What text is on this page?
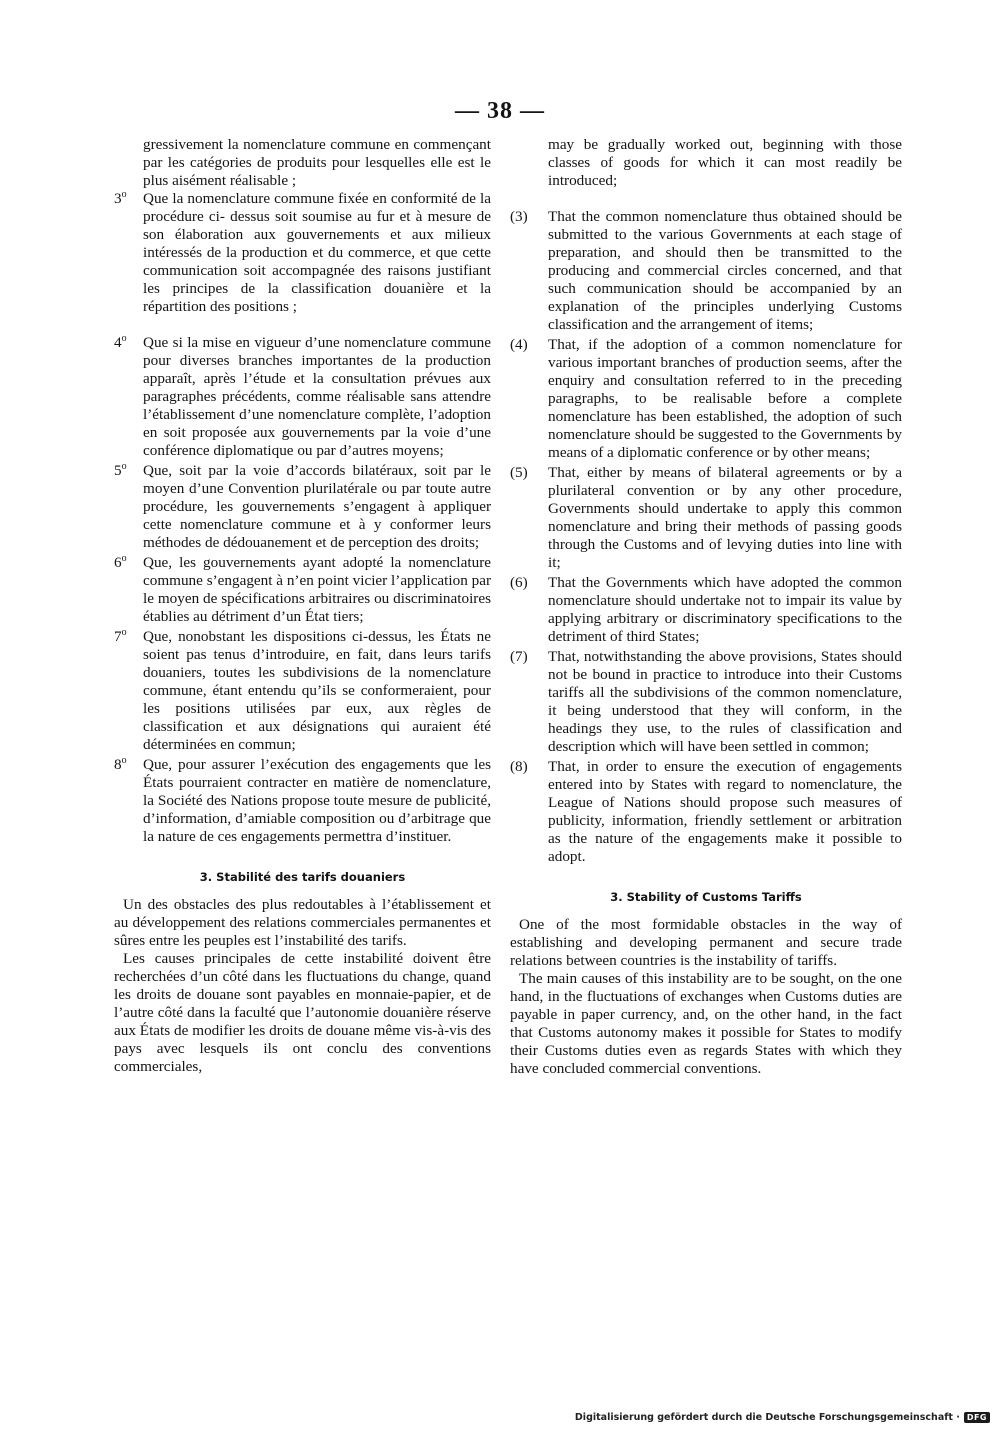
— 38 —

gressivement la nomenclature commune en commençant par les catégories de produits pour lesquelles elle est le plus aisément réalisable ;

3$^o$	Que la nomenclature commune fixée en conformité de la procédure ci- dessus soit soumise au fur et à mesure de son élaboration aux gouvernements et aux milieux intéressés de la production et du commerce, et que cette communication soit accompagnée des raisons justifiant les principes de la classification douanière et la répartition des positions ;
4$^o$	Que si la mise en vigueur d’une nomenclature commune pour diverses branches importantes de la production apparaît, après l’étude et la consultation prévues aux paragraphes précédents, comme réalisable sans attendre l’établissement d’une nomenclature complète, l’adoption en soit proposée aux gouvernements par la voie d’une conférence diplomatique ou par d’autres moyens;
5$^o$	Que, soit par la voie d’accords bilatéraux, soit par le moyen d’une Convention plurilatérale ou par toute autre procédure, les gouvernements s’engagent à appliquer cette nomenclature commune et à y conformer leurs méthodes de dédouanement et de perception des droits;
6$^o$	Que, les gouvernements ayant adopté la nomenclature commune s’engagent à n’en point vicier l’application par le moyen de spécifications arbitraires ou discriminatoires établies au détriment d’un État tiers;
7$^o$	Que, nonobstant les dispositions ci-dessus, les États ne soient pas tenus d’introduire, en fait, dans leurs tarifs douaniers, toutes les subdivisions de la nomenclature commune, étant entendu qu’ils se conformeraient, pour les positions utilisées par eux, aux règles de classification et aux désignations qui auraient été déterminées en commun;
8$^o$	Que, pour assurer l’exécution des engagements que les États pourraient contracter en matière de nomenclature, la Société des Nations propose toute mesure de publicité, d’information, d’amiable composition ou d’arbitrage que la nature de ces engagements permettra d’instituer.

3. Stabilité des tarifs douaniers

Un des obstacles des plus redoutables à l’établissement et au développement des relations commerciales permanentes et sûres entre les peuples est l’instabilité des tarifs.

Les causes principales de cette instabilité doivent être recherchées d’un côté dans les fluctuations du change, quand les droits de douane sont payables en monnaie-papier, et de l’autre côté dans la faculté que l’autonomie douanière réserve aux États de modifier les droits de douane même vis-à-vis des pays avec lesquels ils ont conclu des conventions commerciales,

may be gradually worked out, beginning with those classes of goods for which it can most readily be introduced;

(3)	That the common nomenclature thus obtained should be submitted to the various Governments at each stage of preparation, and should then be transmitted to the producing and commercial circles concerned, and that such communication should be accompanied by an explanation of the principles underlying Customs classification and the arrangement of items;
(4)	That, if the adoption of a common nomenclature for various important branches of production seems, after the enquiry and consultation referred to in the preceding paragraphs, to be realisable before a complete nomenclature has been established, the adoption of such nomenclature should be suggested to the Governments by means of a diplomatic conference or by other means;
(5)	That, either by means of bilateral agreements or by a plurilateral convention or by any other procedure, Governments should undertake to apply this common nomenclature and bring their methods of passing goods through the Customs and of levying duties into line with it;
(6)	That the Governments which have adopted the common nomenclature should undertake not to impair its value by applying arbitrary or discriminatory specifications to the detriment of third States;
(7)	That, notwithstanding the above provisions, States should not be bound in practice to introduce into their Customs tariffs all the subdivisions of the common nomenclature, it being understood that they will conform, in the headings they use, to the rules of classification and description which will have been settled in common;
(8)	That, in order to ensure the execution of engagements entered into by States with regard to nomenclature, the League of Nations should propose such measures of publicity, information, friendly settlement or arbitration as the nature of the engagements make it possible to adopt.

3. Stability of Customs Tariffs

One of the most formidable obstacles in the way of establishing and developing permanent and secure trade relations between countries is the instability of tariffs.

The main causes of this instability are to be sought, on the one hand, in the fluctuations of exchanges when Customs duties are payable in paper currency, and, on the other hand, in the fact that Customs autonomy makes it possible for States to modify their Customs duties even as regards States with which they have concluded commercial conventions.

Digitalisierung gefördert durch die Deutsche Forschungsgemeinschaft · DFG
